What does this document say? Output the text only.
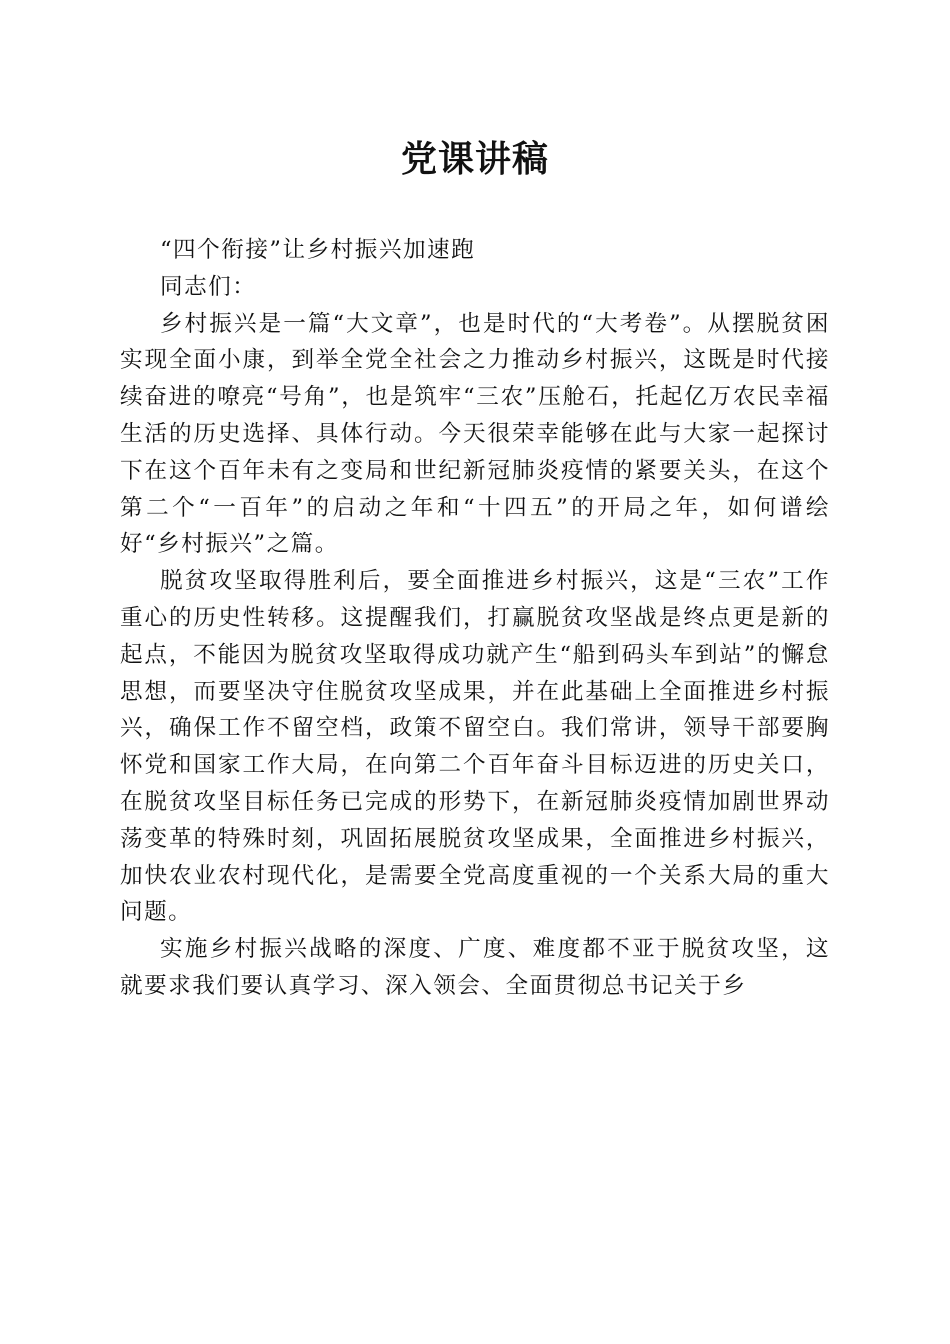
党课讲稿

“四个衔接”让乡村振兴加速跑

同志们：

乡村振兴是一篇“大文章”，也是时代的“大考卷”。从摆脱贫困实现全面小康，到举全党全社会之力推动乡村振兴，这既是时代接续奋进的嘹亮“号角”，也是筑牢“三农”压舱石，托起亿万农民幸福生活的历史选择、具体行动。今天很荣幸能够在此与大家一起探讨下在这个百年未有之变局和世纪新冠肺炎疫情的紧要关头，在这个第二个“一百年”的启动之年和“十四五”的开局之年，如何谱绘好“乡村振兴”之篇。

脱贫攻坚取得胜利后，要全面推进乡村振兴，这是“三农”工作重心的历史性转移。这提醒我们，打赢脱贫攻坚战是终点更是新的起点，不能因为脱贫攻坚取得成功就产生“船到码头车到站”的懈怠思想，而要坚决守住脱贫攻坚成果，并在此基础上全面推进乡村振兴，确保工作不留空档，政策不留空白。我们常讲，领导干部要胸怀党和国家工作大局，在向第二个百年奋斗目标迈进的历史关口，在脱贫攻坚目标任务已完成的形势下，在新冠肺炎疫情加剧世界动荡变革的特殊时刻，巩固拓展脱贫攻坚成果，全面推进乡村振兴，加快农业农村现代化，是需要全党高度重视的一个关系大局的重大问题。

实施乡村振兴战略的深度、广度、难度都不亚于脱贫攻坚，这就要求我们要认真学习、深入领会、全面贯彻总书记关于乡
